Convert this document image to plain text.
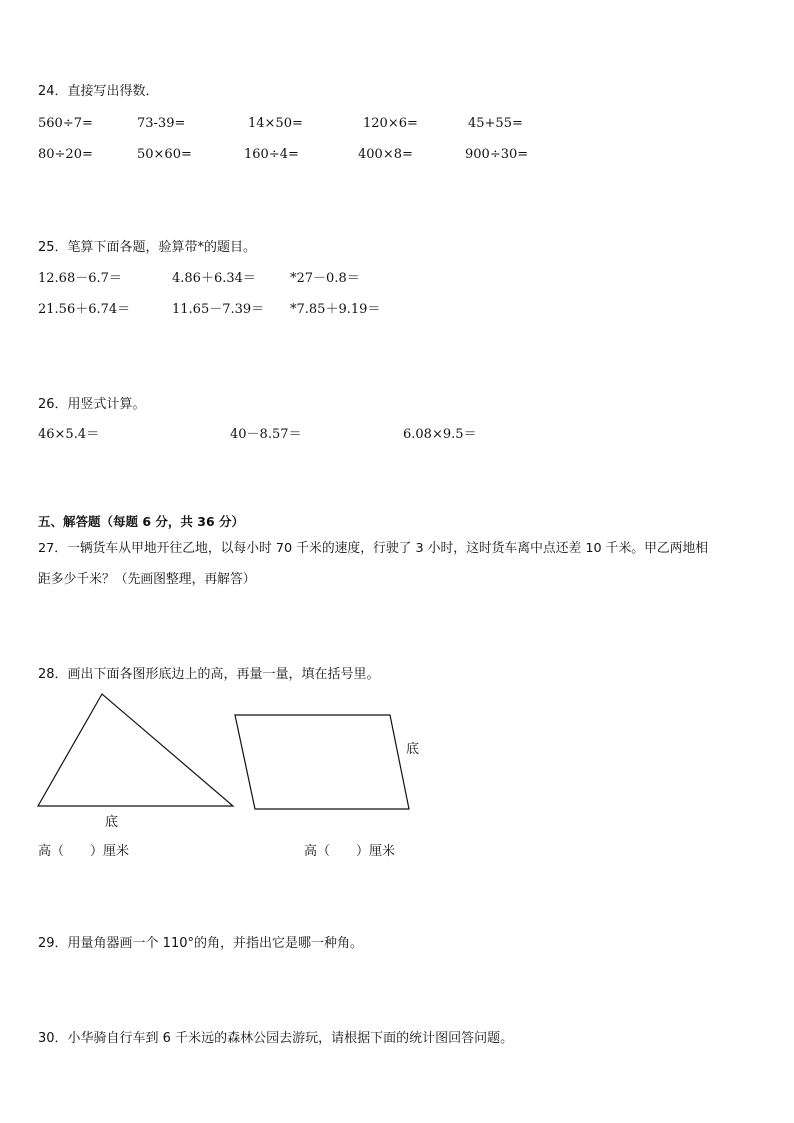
24．直接写出得数．
560÷7=	73-39=	14×50=	120×6=	45+55=
80÷20=	50×60=	160÷4=	400×8=	900÷30=
25．笔算下面各题，验算带*的题目。
12.68－6.7＝	4.86＋6.34＝	*27－0.8＝
21.56＋6.74＝	11.65－7.39＝ *7.85＋9.19＝
26．用竖式计算。
46×5.4＝	40－8.57＝	6.08×9.5＝
五、解答题（每题 6 分，共 36 分）
27．一辆货车从甲地开往乙地，以每小时 70 千米的速度，行驶了 3 小时，这时货车离中点还差 10 千米。甲乙两地相
距多少千米？（先画图整理，再解答）
28．画出下面各图形底边上的高，再量一量，填在括号里。
底
底
高（　　）厘米	高（　　）厘米
29．用量角器画一个 110°的角，并指出它是哪一种角。
30．小华骑自行车到 6 千米远的森林公园去游玩，请根据下面的统计图回答问题。
